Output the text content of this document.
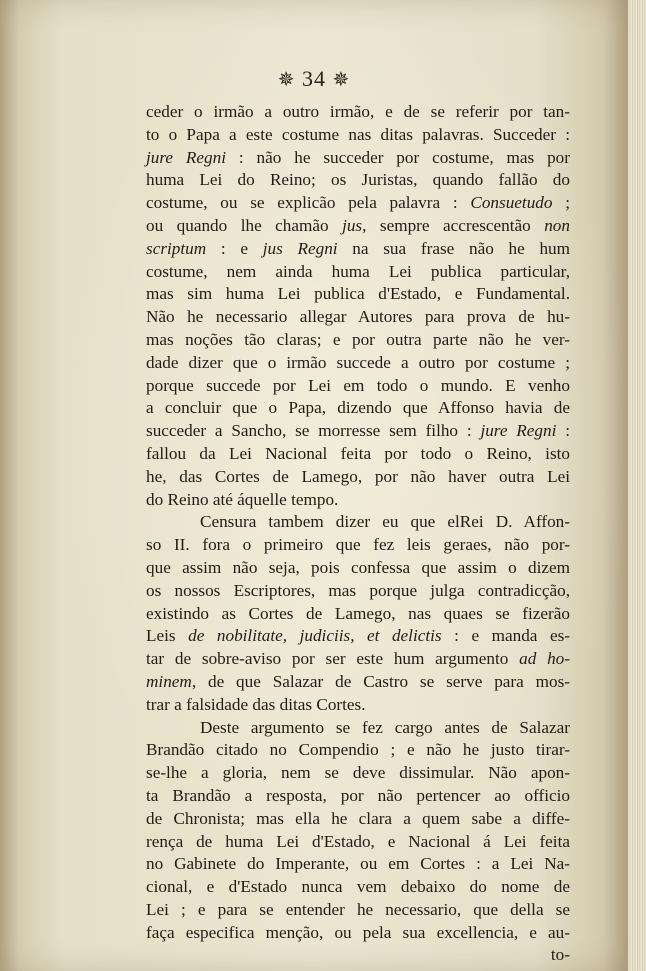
✵ 34 ✵
ceder o irmão a outro irmão, e de se referir por tan-
to o Papa a este costume nas ditas palavras. Succeder :
jure Regni : não he succeder por costume, mas por
huma Lei do Reino; os Juristas, quando fallão do
costume, ou se explicão pela palavra : Consuetudo ;
ou quando lhe chamão jus, sempre accrescentão non
scriptum : e jus Regni na sua frase não he hum
costume, nem ainda huma Lei publica particular,
mas sim huma Lei publica d'Estado, e Fundamental.
Não he necessario allegar Autores para prova de hu-
mas noções tão claras; e por outra parte não he ver-
dade dizer que o irmão succede a outro por costume ;
porque succede por Lei em todo o mundo. E venho
a concluir que o Papa, dizendo que Affonso havia de
succeder a Sancho, se morresse sem filho : jure Regni :
fallou da Lei Nacional feita por todo o Reino, isto
he, das Cortes de Lamego, por não haver outra Lei
do Reino até áquelle tempo.
Censura tambem dizer eu que elRei D. Affon-
so II. fora o primeiro que fez leis geraes, não por-
que assim não seja, pois confessa que assim o dizem
os nossos Escriptores, mas porque julga contradicção,
existindo as Cortes de Lamego, nas quaes se fizerão
Leis de nobilitate, judiciis, et delictis : e manda es-
tar de sobre-aviso por ser este hum argumento ad ho-
minem, de que Salazar de Castro se serve para mos-
trar a falsidade das ditas Cortes.
Deste argumento se fez cargo antes de Salazar
Brandão citado no Compendio ; e não he justo tirar-
se-lhe a gloria, nem se deve dissimular. Não apon-
ta Brandão a resposta, por não pertencer ao officio
de Chronista; mas ella he clara a quem sabe a diffe-
rença de huma Lei d'Estado, e Nacional á Lei feita
no Gabinete do Imperante, ou em Cortes : a Lei Na-
cional, e d'Estado nunca vem debaixo do nome de
Lei ; e para se entender he necessario, que della se
faça especifica menção, ou pela sua excellencia, e au-
to-
